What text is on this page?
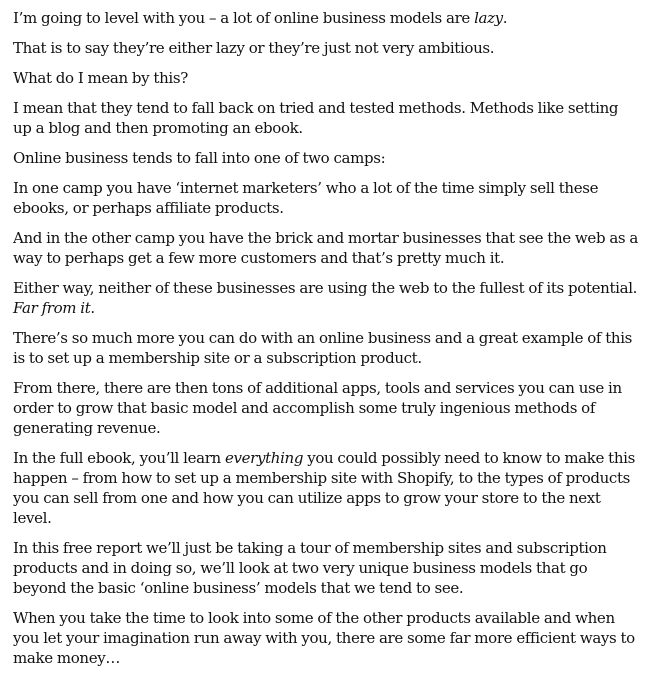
I’m going to level with you – a lot of online business models are lazy.

That is to say they’re either lazy or they’re just not very ambitious.

What do I mean by this?

I mean that they tend to fall back on tried and tested methods. Methods like setting up a blog and then promoting an ebook.

Online business tends to fall into one of two camps:

In one camp you have ‘internet marketers’ who a lot of the time simply sell these ebooks, or perhaps affiliate products.

And in the other camp you have the brick and mortar businesses that see the web as a way to perhaps get a few more customers and that’s pretty much it.

Either way, neither of these businesses are using the web to the fullest of its potential. Far from it.

There’s so much more you can do with an online business and a great example of this is to set up a membership site or a subscription product.

From there, there are then tons of additional apps, tools and services you can use in order to grow that basic model and accomplish some truly ingenious methods of generating revenue.

In the full ebook, you’ll learn everything you could possibly need to know to make this happen – from how to set up a membership site with Shopify, to the types of products you can sell from one and how you can utilize apps to grow your store to the next level.

In this free report we’ll just be taking a tour of membership sites and subscription products and in doing so, we’ll look at two very unique business models that go beyond the basic ‘online business’ models that we tend to see.

When you take the time to look into some of the other products available and when you let your imagination run away with you, there are some far more efficient ways to make money…
